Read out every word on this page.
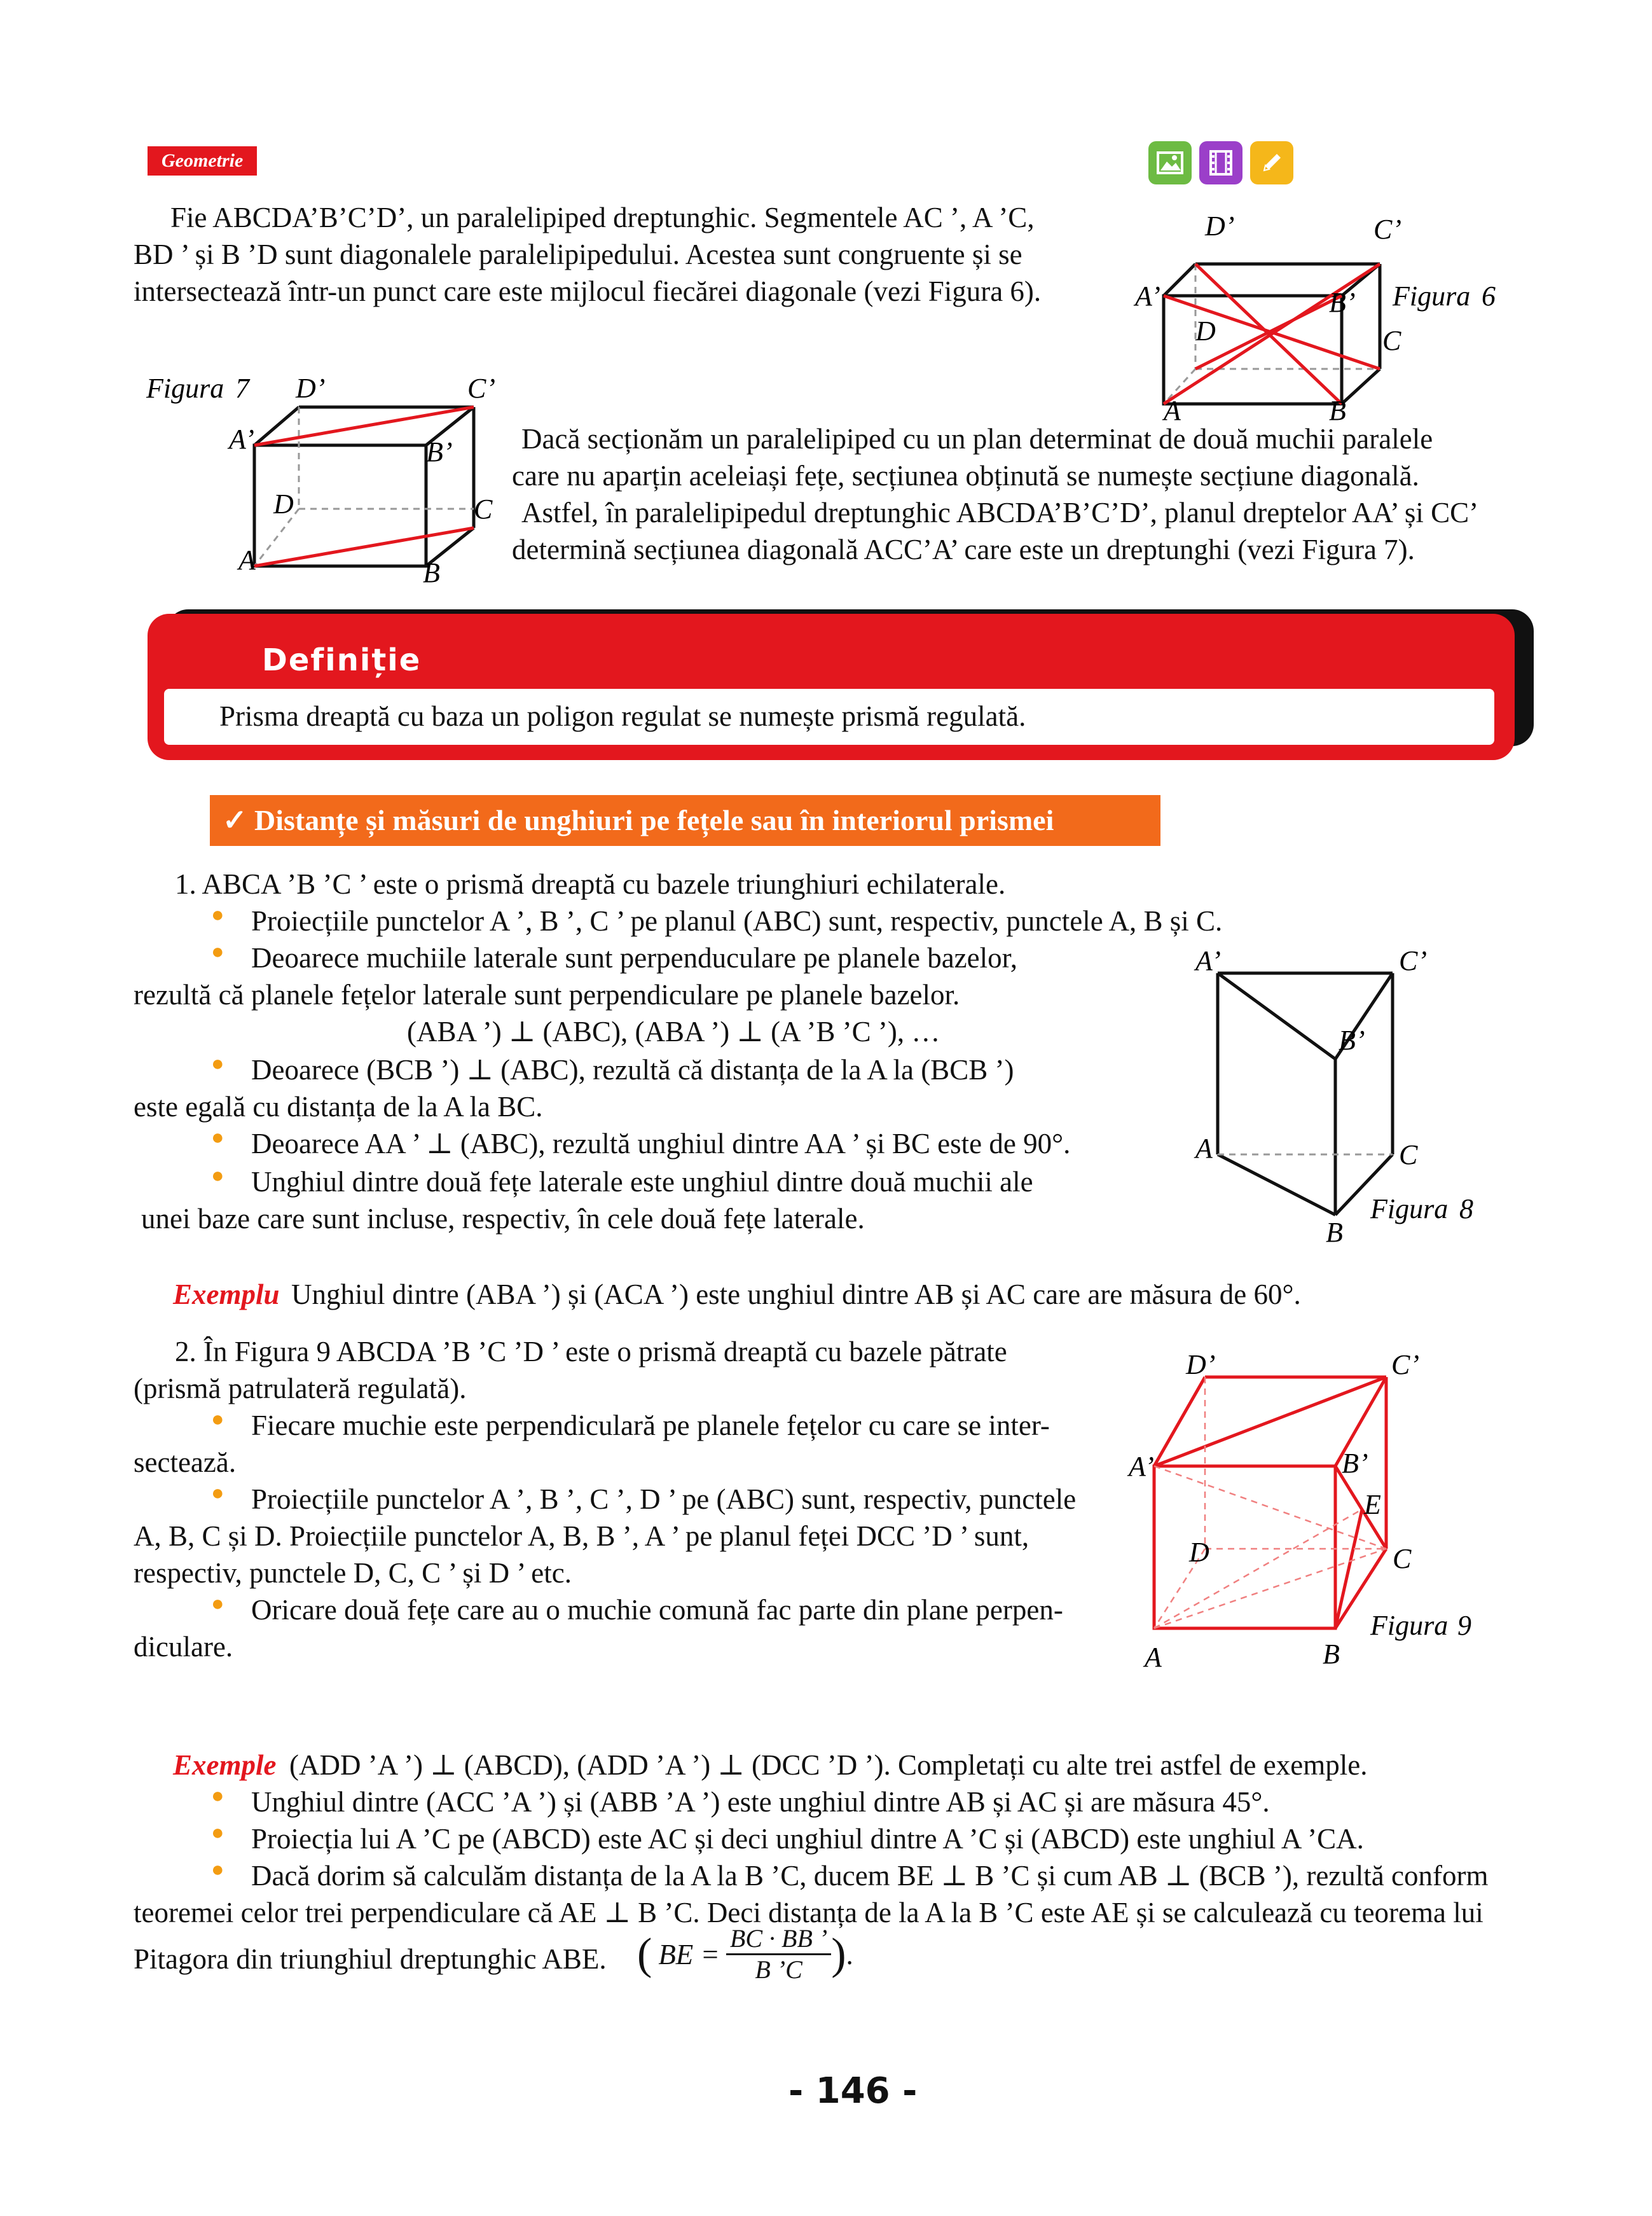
Geometrie
Fie ABCDA’B’C’D’, un paralelipiped dreptunghic. Segmentele AC ’, A ’C,
BD ’ și B ’D sunt diagonalele paralelipipedului. Acestea sunt congruente și se
intersectează într-un punct care este mijlocul fiecărei diagonale (vezi Figura 6).
D’	C’
A’	B’
D	C
A	B
Figura 6
D’	C’
A’	B’
D	C
A	B
Figura 7
Dacă secționăm un paralelipiped cu un plan determinat de două muchii paralele
care nu aparțin aceleiași fețe, secțiunea obținută se numește secțiune diagonală.
Astfel, în paralelipipedul dreptunghic ABCDA’B’C’D’, planul dreptelor AA’ și CC’
determină secțiunea diagonală ACC’A’ care este un dreptunghi (vezi Figura 7).
Definiție
Prisma dreaptă cu baza un poligon regulat se numește prismă regulată.
✓ Distanțe și măsuri de unghiuri pe fețele sau în interiorul prismei
1. ABCA ’B ’C ’ este o prismă dreaptă cu bazele triunghiuri echilaterale.
● Proiecțiile punctelor A ’, B ’, C ’ pe planul (ABC) sunt, respectiv, punctele A, B și C.
● Deoarece muchiile laterale sunt perpenduculare pe planele bazelor,
rezultă că planele fețelor laterale sunt perpendiculare pe planele bazelor.
(ABA ’) ⊥ (ABC), (ABA ’) ⊥ (A ’B ’C ’), …
● Deoarece (BCB ’) ⊥ (ABC), rezultă că distanța de la A la (BCB ’)
este egală cu distanța de la A la BC.
● Deoarece AA ’ ⊥ (ABC), rezultă unghiul dintre AA ’ și BC este de 90°.
● Unghiul dintre două fețe laterale este unghiul dintre două muchii ale
unei baze care sunt incluse, respectiv, în cele două fețe laterale.
A’	C’
B’
A	C
B
Figura 8
Exemplu Unghiul dintre (ABA ’) și (ACA ’) este unghiul dintre AB și AC care are măsura de 60°.
2. În Figura 9 ABCDA ’B ’C ’D ’ este o prismă dreaptă cu bazele pătrate
(prismă patrulateră regulată).
● Fiecare muchie este perpendiculară pe planele fețelor cu care se inter-
sectează.
● Proiecțiile punctelor A ’, B ’, C ’, D ’ pe (ABC) sunt, respectiv, punctele
A, B, C și D. Proiecțiile punctelor A, B, B ’, A ’ pe planul feței DCC ’D ’ sunt,
respectiv, punctele D, C, C ’ și D ’ etc.
● Oricare două fețe care au o muchie comună fac parte din plane perpen-
diculare.
D’	C’
A’	B’
E
D	C
A	B
Figura 9
Exemple (ADD ’A ’) ⊥ (ABCD), (ADD ’A ’) ⊥ (DCC ’D ’). Completați cu alte trei astfel de exemple.
● Unghiul dintre (ACC ’A ’) și (ABB ’A ’) este unghiul dintre AB și AC și are măsura 45°.
● Proiecția lui A ’C pe (ABCD) este AC și deci unghiul dintre A ’C și (ABCD) este unghiul A ’CA.
● Dacă dorim să calculăm distanța de la A la B ’C, ducem BE ⊥ B ’C și cum AB ⊥ (BCB ’), rezultă conform
teoremei celor trei perpendiculare că AE ⊥ B ’C. Deci distanța de la A la B ’C este AE și se calculează cu teorema lui
Pitagora din triunghiul dreptunghic ABE. ( BE = $\frac{BC \cdot BB ’}{B ’C}$ ) .
- 146 -
